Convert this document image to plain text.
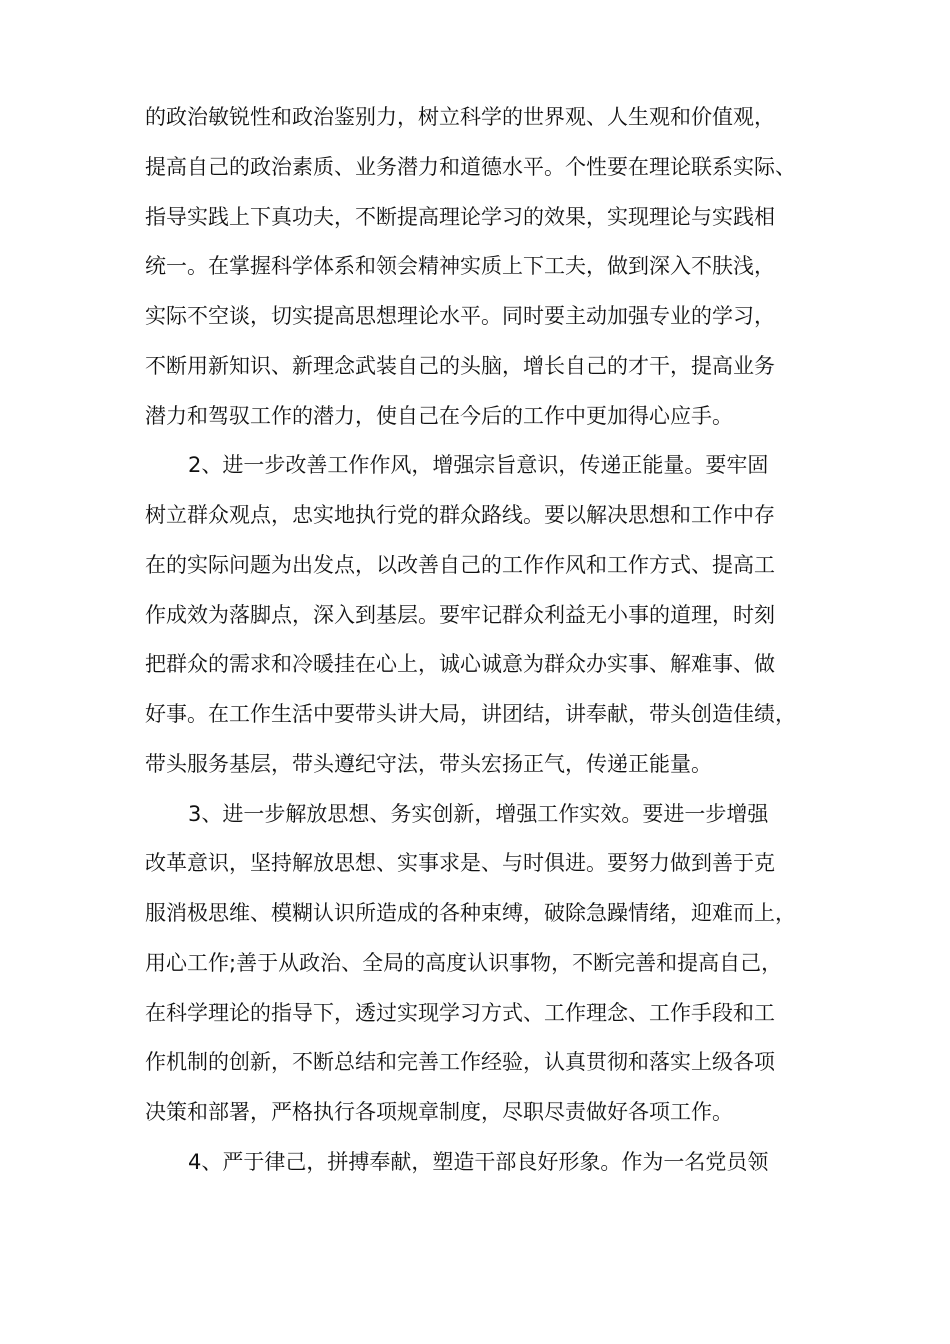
的政治敏锐性和政治鉴别力，树立科学的世界观、人生观和价值观，
提高自己的政治素质、业务潜力和道德水平。个性要在理论联系实际、
指导实践上下真功夫，不断提高理论学习的效果，实现理论与实践相
统一。在掌握科学体系和领会精神实质上下工夫，做到深入不肤浅，
实际不空谈，切实提高思想理论水平。同时要主动加强专业的学习，
不断用新知识、新理念武装自己的头脑，增长自己的才干，提高业务
潜力和驾驭工作的潜力，使自己在今后的工作中更加得心应手。
2、进一步改善工作作风，增强宗旨意识，传递正能量。要牢固
树立群众观点，忠实地执行党的群众路线。要以解决思想和工作中存
在的实际问题为出发点，以改善自己的工作作风和工作方式、提高工
作成效为落脚点，深入到基层。要牢记群众利益无小事的道理，时刻
把群众的需求和冷暖挂在心上，诚心诚意为群众办实事、解难事、做
好事。在工作生活中要带头讲大局，讲团结，讲奉献，带头创造佳绩，
带头服务基层，带头遵纪守法，带头宏扬正气，传递正能量。
3、进一步解放思想、务实创新，增强工作实效。要进一步增强
改革意识，坚持解放思想、实事求是、与时俱进。要努力做到善于克
服消极思维、模糊认识所造成的各种束缚，破除急躁情绪，迎难而上，
用心工作;善于从政治、全局的高度认识事物，不断完善和提高自己，
在科学理论的指导下，透过实现学习方式、工作理念、工作手段和工
作机制的创新，不断总结和完善工作经验，认真贯彻和落实上级各项
决策和部署，严格执行各项规章制度，尽职尽责做好各项工作。
4、严于律己，拼搏奉献，塑造干部良好形象。作为一名党员领
